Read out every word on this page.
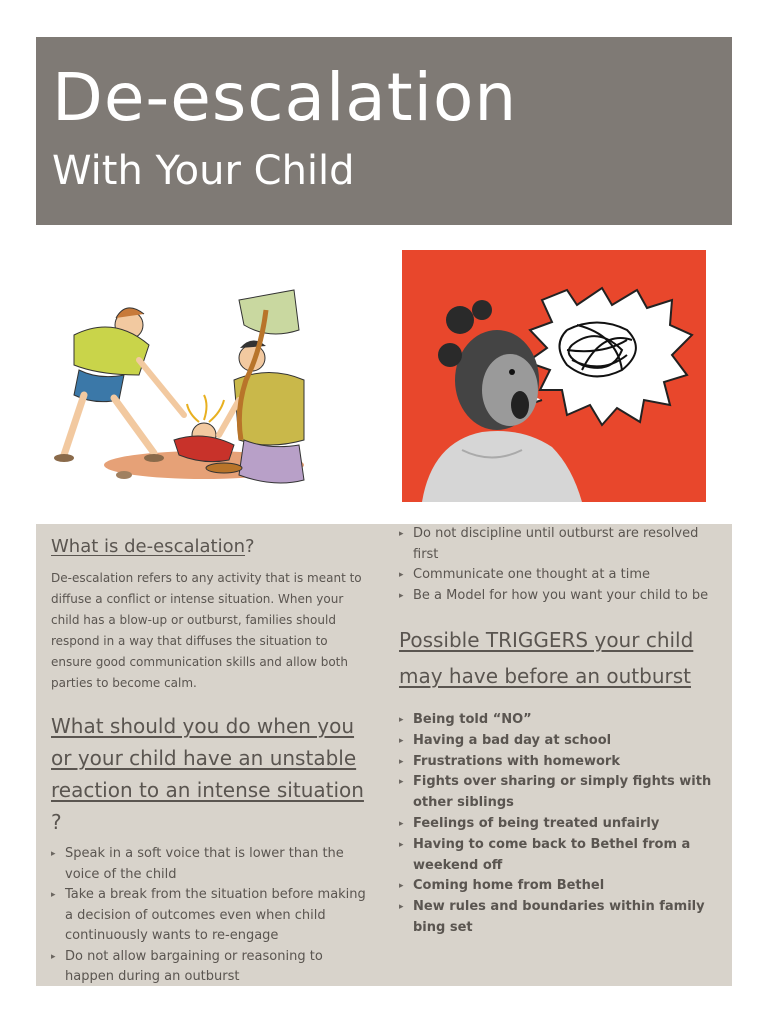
De-escalation
With Your Child
What is de-escalation?

De-escalation refers to any activity that is meant to diffuse a conflict or intense situation. When your child has a blow-up or outburst, families should respond in a way that diffuses the situation to ensure good communication skills and allow both parties to become calm.

What should you do when you or your child have an unstable reaction to an intense situation?
▸ Speak in a soft voice that is lower than the voice of the child
▸ Take a break from the situation before making a decision of outcomes even when child continuously wants to re-engage
▸ Do not allow bargaining or reasoning to happen during an outburst
▸ Do not discipline until outburst are resolved first
▸ Communicate one thought at a time
▸ Be a Model for how you want your child to be
Possible TRIGGERS your child may have before an outburst
▸ Being told “NO”
▸ Having a bad day at school
▸ Frustrations with homework
▸ Fights over sharing or simply fights with other siblings
▸ Feelings of being treated unfairly
▸ Having to come back to Bethel from a weekend off
▸ Coming home from Bethel
▸ New rules and boundaries within family bing set
